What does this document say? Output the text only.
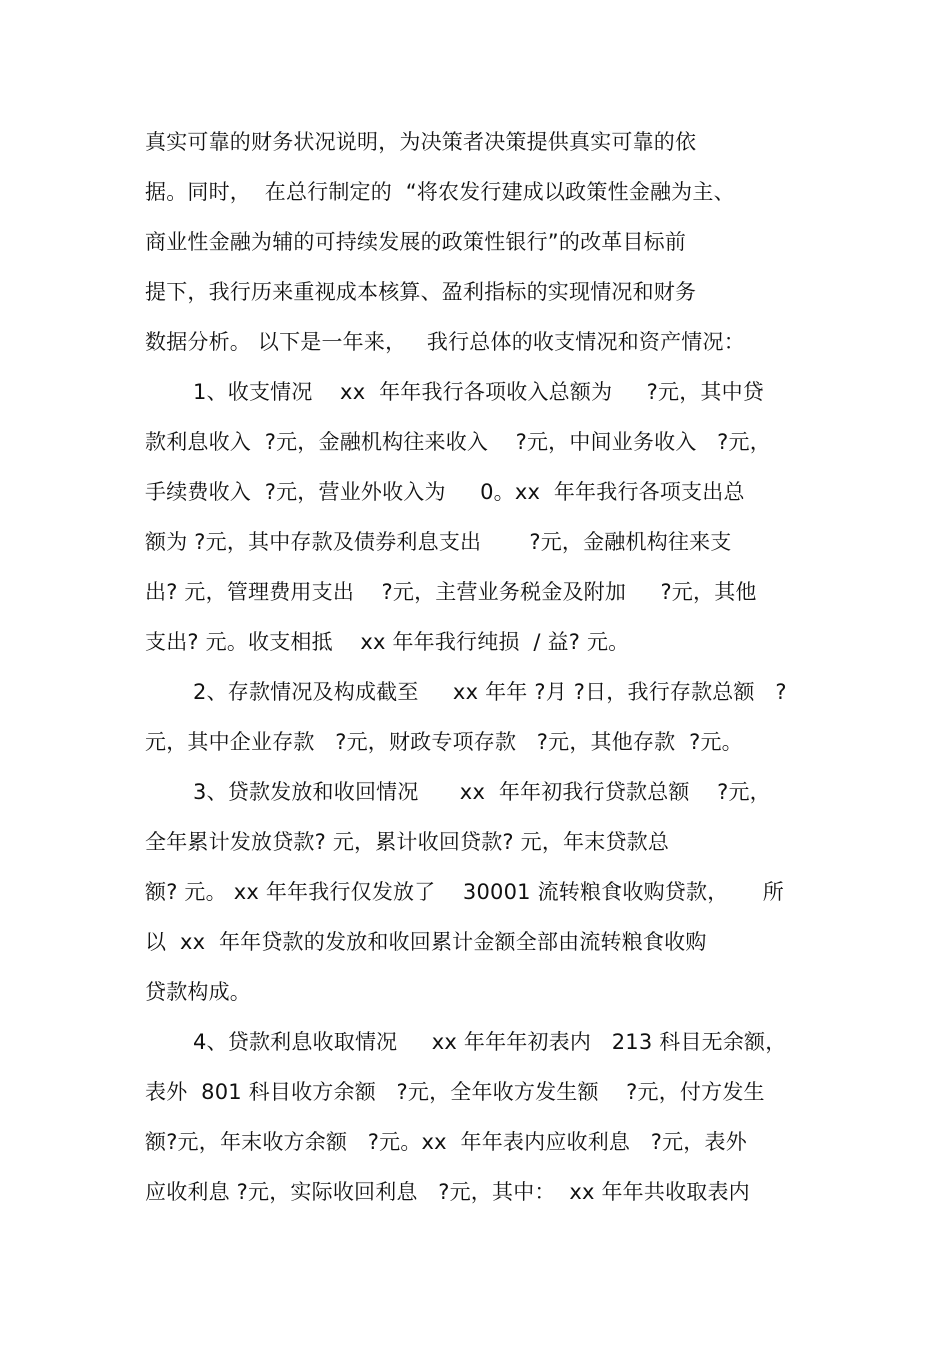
真实可靠的财务状况说明，为决策者决策提供真实可靠的依
据。同时，  在总行制定的  “将农发行建成以政策性金融为主、
商业性金融为辅的可持续发展的政策性银行”的改革目标前
提下，我行历来重视成本核算、盈利指标的实现情况和财务
数据分析。 以下是一年来，   我行总体的收支情况和资产情况：
1、收支情况    xx  年年我行各项收入总额为     ?元，其中贷
款利息收入  ?元，金融机构往来收入    ?元，中间业务收入   ?元，
手续费收入  ?元，营业外收入为     0。xx  年年我行各项支出总
额为 ?元，其中存款及债券利息支出       ?元，金融机构往来支
出? 元，管理费用支出    ?元，主营业务税金及附加     ?元，其他
支出? 元。收支相抵    xx 年年我行纯损  / 益? 元。
2、存款情况及构成截至     xx 年年 ?月 ?日，我行存款总额   ?
元，其中企业存款   ?元，财政专项存款   ?元，其他存款  ?元。
3、贷款发放和收回情况      xx  年年初我行贷款总额    ?元，
全年累计发放贷款? 元，累计收回贷款? 元，年末贷款总
额? 元。 xx 年年我行仅发放了    30001 流转粮食收购贷款，     所
以  xx  年年贷款的发放和收回累计金额全部由流转粮食收购
贷款构成。
4、贷款利息收取情况     xx 年年年初表内   213 科目无余额，
表外  801 科目收方余额   ?元，全年收方发生额    ?元，付方发生
额?元，年末收方余额   ?元。xx  年年表内应收利息   ?元，表外
应收利息 ?元，实际收回利息   ?元，其中：  xx 年年共收取表内
